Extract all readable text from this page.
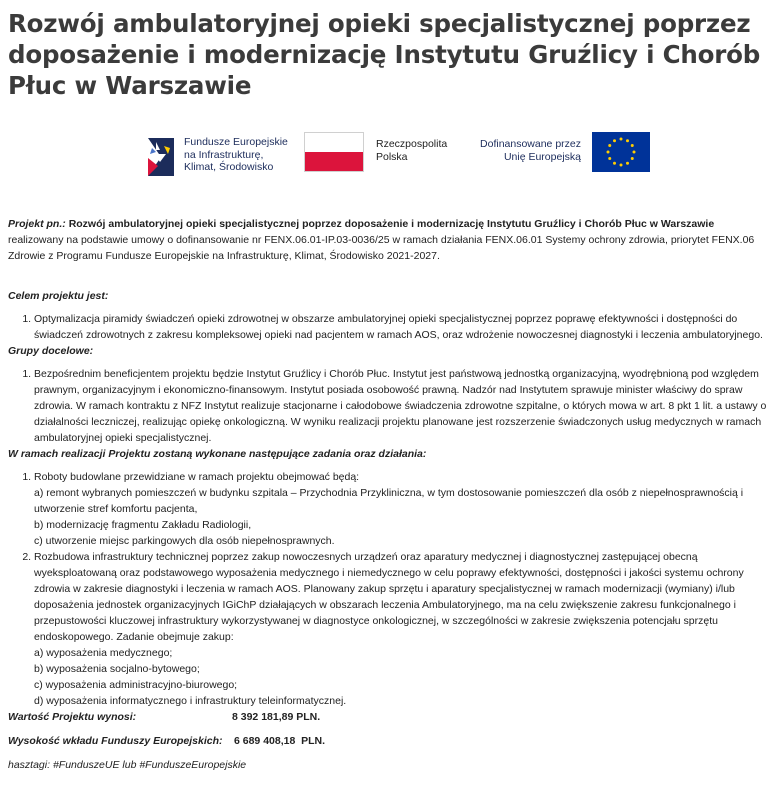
Rozwój ambulatoryjnej opieki specjalistycznej poprzez doposażenie i modernizację Instytutu Gruźlicy i Chorób Płuc w Warszawie
Fundusze Europejskie
na Infrastrukturę,
Klimat, Środowisko
Rzeczpospolita
Polska
Dofinansowane przez
Unię Europejską
Projekt pn.: Rozwój ambulatoryjnej opieki specjalistycznej poprzez doposażenie i modernizację Instytutu Gruźlicy i Chorób Płuc w Warszawie realizowany na podstawie umowy o dofinansowanie nr FENX.06.01-IP.03-0036/25 w ramach działania FENX.06.01 Systemy ochrony zdrowia, priorytet FENX.06 Zdrowie z Programu Fundusze Europejskie na Infrastrukturę, Klimat, Środowisko 2021-2027.
Celem projektu jest:
1. Optymalizacja piramidy świadczeń opieki zdrowotnej w obszarze ambulatoryjnej opieki specjalistycznej poprzez poprawę efektywności i dostępności do świadczeń zdrowotnych z zakresu kompleksowej opieki nad pacjentem w ramach AOS, oraz wdrożenie nowoczesnej diagnostyki i leczenia ambulatoryjnego.
Grupy docelowe:
1. Bezpośrednim beneficjentem projektu będzie Instytut Gruźlicy i Chorób Płuc. Instytut jest państwową jednostką organizacyjną, wyodrębnioną pod względem prawnym, organizacyjnym i ekonomiczno-finansowym. Instytut posiada osobowość prawną. Nadzór nad Instytutem sprawuje minister właściwy do spraw zdrowia. W ramach kontraktu z NFZ Instytut realizuje stacjonarne i całodobowe świadczenia zdrowotne szpitalne, o których mowa w art. 8 pkt 1 lit. a ustawy o działalności leczniczej, realizując opiekę onkologiczną. W wyniku realizacji projektu planowane jest rozszerzenie świadczonych usług medycznych w ramach ambulatoryjnej opieki specjalistycznej.
W ramach realizacji Projektu zostaną wykonane następujące zadania oraz działania:
1. Roboty budowlane przewidziane w ramach projektu obejmować będą:
a) remont wybranych pomieszczeń w budynku szpitala – Przychodnia Przykliniczna, w tym dostosowanie pomieszczeń dla osób z niepełnosprawnością i utworzenie stref komfortu pacjenta,
b) modernizację fragmentu Zakładu Radiologii,
c) utworzenie miejsc parkingowych dla osób niepełnosprawnych.
2. Rozbudowa infrastruktury technicznej poprzez zakup nowoczesnych urządzeń oraz aparatury medycznej i diagnostycznej zastępującej obecną wyeksploatowaną oraz podstawowego wyposażenia medycznego i niemedycznego w celu poprawy efektywności, dostępności i jakości systemu ochrony zdrowia w zakresie diagnostyki i leczenia w ramach AOS. Planowany zakup sprzętu i aparatury specjalistycznej w ramach modernizacji (wymiany) i/lub doposażenia jednostek organizacyjnych IGiChP działających w obszarach leczenia Ambulatoryjnego, ma na celu zwiększenie zakresu funkcjonalnego i przepustowości kluczowej infrastruktury wykorzystywanej w diagnostyce onkologicznej, w szczególności w zakresie zwiększenia potencjału sprzętu endoskopowego. Zadanie obejmuje zakup:
a) wyposażenia medycznego;
b) wyposażenia socjalno-bytowego;
c) wyposażenia administracyjno-biurowego;
d) wyposażenia informatycznego i infrastruktury teleinformatycznej.
Wartość Projektu wynosi:	8 392 181,89 PLN.
Wysokość wkładu Funduszy Europejskich:	6 689 408,18  PLN.
hasztagi: #FunduszeUE lub #FunduszeEuropejskie
